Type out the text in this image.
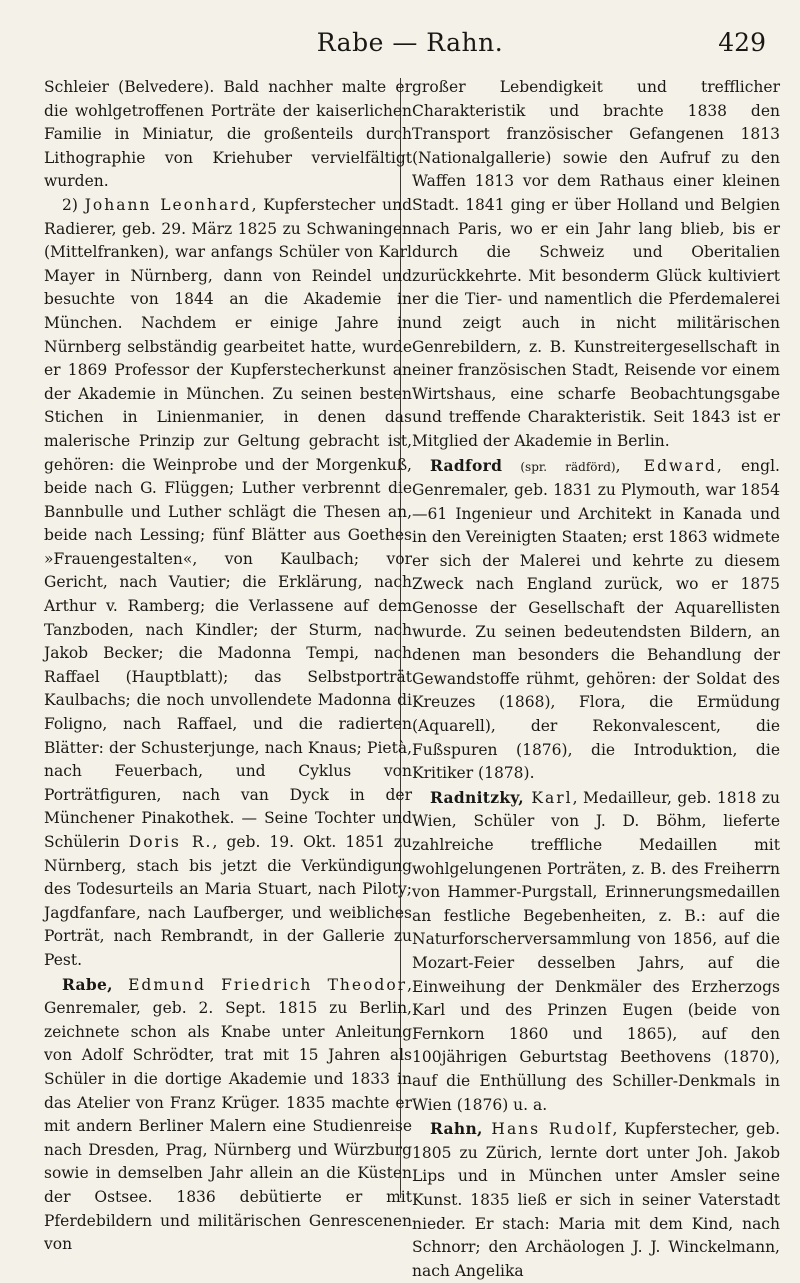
Rabe — Rahn.	429

Schleier (Belvedere). Bald nachher malte er die wohlgetroffenen Porträte der kaiserlichen Familie in Miniatur, die großenteils durch Lithographie von Kriehuber vervielfältigt wurden.

2) Johann Leonhard, Kupferstecher und Radierer, geb. 29. März 1825 zu Schwaningen (Mittelfranken), war anfangs Schüler von Karl Mayer in Nürnberg, dann von Reindel und besuchte von 1844 an die Akademie in München. Nachdem er einige Jahre in Nürnberg selbständig gearbeitet hatte, wurde er 1869 Professor der Kupferstecherkunst an der Akademie in München. Zu seinen besten Stichen in Linienmanier, in denen das malerische Prinzip zur Geltung gebracht ist, gehören: die Weinprobe und der Morgenkuß, beide nach G. Flüggen; Luther verbrennt die Bannbulle und Luther schlägt die Thesen an, beide nach Lessing; fünf Blätter aus Goethes »Frauengestalten«, von Kaulbach; vor Gericht, nach Vautier; die Erklärung, nach Arthur v. Ramberg; die Verlassene auf dem Tanzboden, nach Kindler; der Sturm, nach Jakob Becker; die Madonna Tempi, nach Raffael (Hauptblatt); das Selbstporträt Kaulbachs; die noch unvollendete Madonna di Foligno, nach Raffael, und die radierten Blätter: der Schusterjunge, nach Knaus; Pietà, nach Feuerbach, und Cyklus von Porträtfiguren, nach van Dyck in der Münchener Pinakothek. — Seine Tochter und Schülerin Doris R., geb. 19. Okt. 1851 zu Nürnberg, stach bis jetzt die Verkündigung des Todesurteils an Maria Stuart, nach Piloty; Jagdfanfare, nach Laufberger, und weibliches Porträt, nach Rembrandt, in der Gallerie zu Pest.

Rabe, Edmund Friedrich Theodor, Genremaler, geb. 2. Sept. 1815 zu Berlin, zeichnete schon als Knabe unter Anleitung von Adolf Schrödter, trat mit 15 Jahren als Schüler in die dortige Akademie und 1833 in das Atelier von Franz Krüger. 1835 machte er mit andern Berliner Malern eine Studienreise nach Dresden, Prag, Nürnberg und Würzburg sowie in demselben Jahr allein an die Küsten der Ostsee. 1836 debütierte er mit Pferdebildern und militärischen Genrescenen von

großer Lebendigkeit und trefflicher Charakteristik und brachte 1838 den Transport französischer Gefangenen 1813 (Nationalgallerie) sowie den Aufruf zu den Waffen 1813 vor dem Rathaus einer kleinen Stadt. 1841 ging er über Holland und Belgien nach Paris, wo er ein Jahr lang blieb, bis er durch die Schweiz und Oberitalien zurückkehrte. Mit besonderm Glück kultiviert er die Tier- und namentlich die Pferdemalerei und zeigt auch in nicht militärischen Genrebildern, z. B. Kunstreitergesellschaft in einer französischen Stadt, Reisende vor einem Wirtshaus, eine scharfe Beobachtungsgabe und treffende Charakteristik. Seit 1843 ist er Mitglied der Akademie in Berlin.

Radford (spr. rädförd), Edward, engl. Genremaler, geb. 1831 zu Plymouth, war 1854—61 Ingenieur und Architekt in Kanada und in den Vereinigten Staaten; erst 1863 widmete er sich der Malerei und kehrte zu diesem Zweck nach England zurück, wo er 1875 Genosse der Gesellschaft der Aquarellisten wurde. Zu seinen bedeutendsten Bildern, an denen man besonders die Behandlung der Gewandstoffe rühmt, gehören: der Soldat des Kreuzes (1868), Flora, die Ermüdung (Aquarell), der Rekonvalescent, die Fußspuren (1876), die Introduktion, die Kritiker (1878).

Radnitzky, Karl, Medailleur, geb. 1818 zu Wien, Schüler von J. D. Böhm, lieferte zahlreiche treffliche Medaillen mit wohlgelungenen Porträten, z. B. des Freiherrn von Hammer-Purgstall, Erinnerungsmedaillen an festliche Begebenheiten, z. B.: auf die Naturforscherversammlung von 1856, auf die Mozart-Feier desselben Jahrs, auf die Einweihung der Denkmäler des Erzherzogs Karl und des Prinzen Eugen (beide von Fernkorn 1860 und 1865), auf den 100jährigen Geburtstag Beethovens (1870), auf die Enthüllung des Schiller-Denkmals in Wien (1876) u. a.

Rahn, Hans Rudolf, Kupferstecher, geb. 1805 zu Zürich, lernte dort unter Joh. Jakob Lips und in München unter Amsler seine Kunst. 1835 ließ er sich in seiner Vaterstadt nieder. Er stach: Maria mit dem Kind, nach Schnorr; den Archäologen J. J. Winckelmann, nach Angelika
